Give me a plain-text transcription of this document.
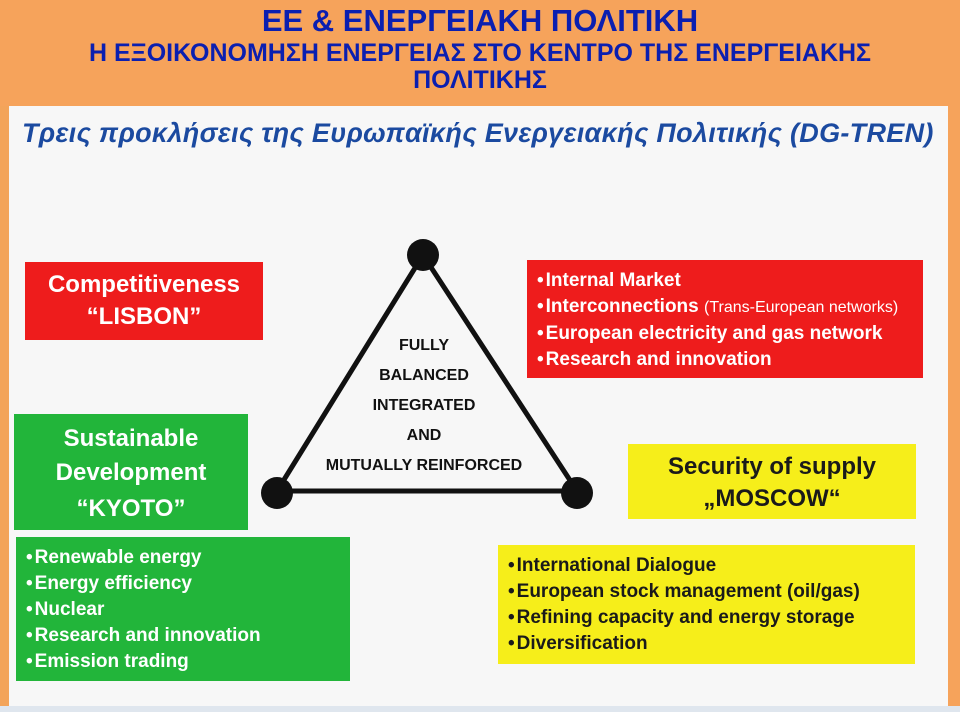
ΕΕ & ΕΝΕΡΓΕΙΑΚΗ ΠΟΛΙΤΙΚΗ
Η ΕΞΟΙΚΟΝΟΜΗΣΗ ΕΝΕΡΓΕΙΑΣ ΣΤΟ ΚΕΝΤΡΟ ΤΗΣ ΕΝΕΡΓΕΙΑΚΗΣ
ΠΟΛΙΤΙΚΗΣ
Τρεις προκλήσεις της Ευρωπαϊκής Ενεργειακής Πολιτικής (DG-TREN)
Competitiveness
“LISBON”
• Internal Market
• Interconnections (Trans-European networks)
• European electricity and gas network
• Research and innovation
Sustainable
Development
“KYOTO”
• Renewable energy
• Energy efficiency
• Nuclear
• Research and innovation
• Emission trading
Security of supply
„MOSCOW“
• International Dialogue
• European stock management (oil/gas)
• Refining capacity and energy storage
• Diversification
FULLY
BALANCED
INTEGRATED
AND
MUTUALLY REINFORCED
